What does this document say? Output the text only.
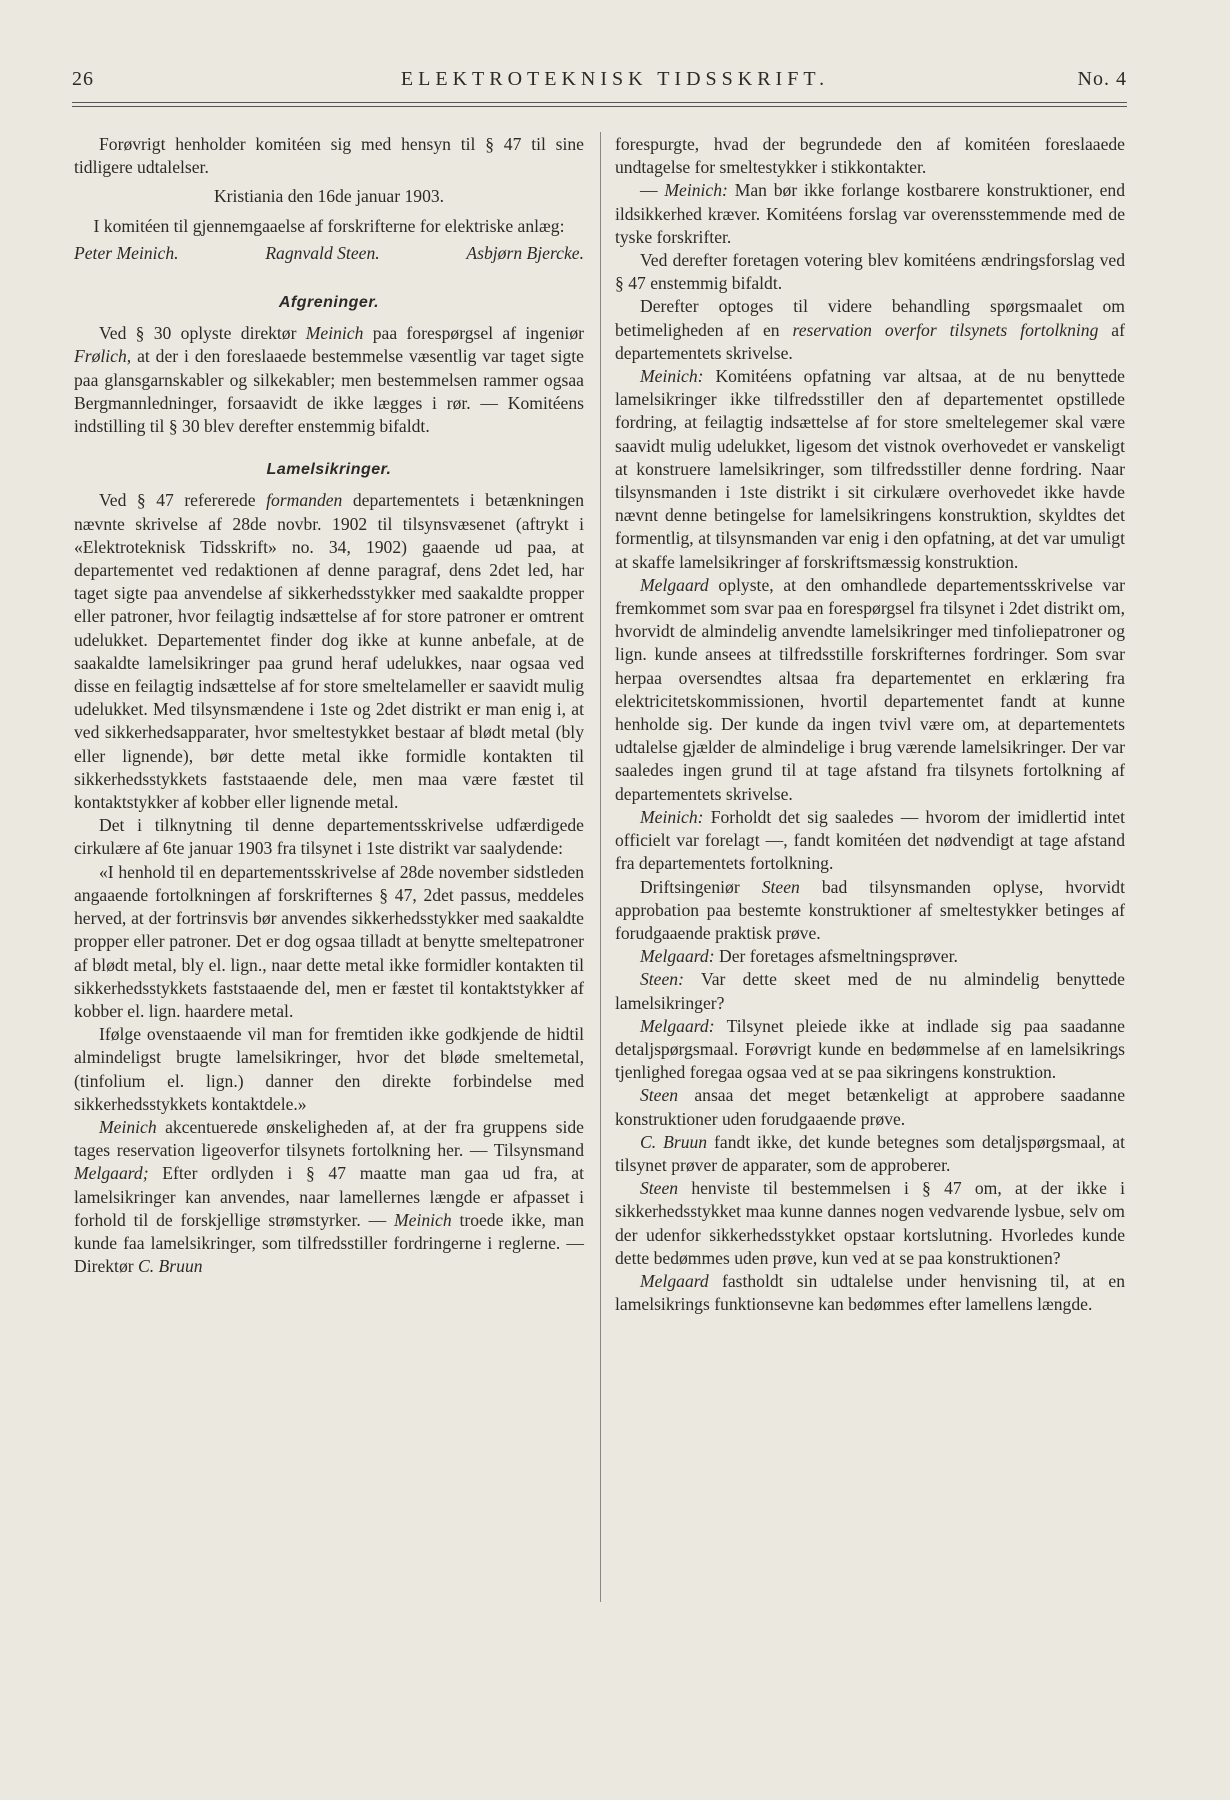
26	ELEKTROTEKNISK TIDSSKRIFT.	No. 4

Forøvrigt henholder komitéen sig med hensyn til § 47 til sine tidligere udtalelser.

Kristiania den 16de januar 1903.

I komitéen til gjennemgaaelse af forskrifterne for elektriske anlæg:

Peter Meinich.	Ragnvald Steen.	Asbjørn Bjercke.
Afgreninger.

Ved § 30 oplyste direktør Meinich paa forespørgsel af ingeniør Frølich, at der i den foreslaaede bestemmelse væsentlig var taget sigte paa glansgarnskabler og silkekabler; men bestemmelsen rammer ogsaa Bergmannledninger, forsaavidt de ikke lægges i rør. — Komitéens indstilling til § 30 blev derefter enstemmig bifaldt.

Lamelsikringer.

Ved § 47 refererede formanden departementets i betænkningen nævnte skrivelse af 28de novbr. 1902 til tilsynsvæsenet (aftrykt i «Elektroteknisk Tidsskrift» no. 34, 1902) gaaende ud paa, at departementet ved redaktionen af denne paragraf, dens 2det led, har taget sigte paa anvendelse af sikkerhedsstykker med saakaldte propper eller patroner, hvor feilagtig indsættelse af for store patroner er omtrent udelukket. Departementet finder dog ikke at kunne anbefale, at de saakaldte lamelsikringer paa grund heraf udelukkes, naar ogsaa ved disse en feilagtig indsættelse af for store smeltelameller er saavidt mulig udelukket. Med tilsynsmændene i 1ste og 2det distrikt er man enig i, at ved sikkerhedsapparater, hvor smeltestykket bestaar af blødt metal (bly eller lignende), bør dette metal ikke formidle kontakten til sikkerhedsstykkets faststaaende dele, men maa være fæstet til kontaktstykker af kobber eller lignende metal.

Det i tilknytning til denne departementsskrivelse udfærdigede cirkulære af 6te januar 1903 fra tilsynet i 1ste distrikt var saalydende:

«I henhold til en departementsskrivelse af 28de november sidstleden angaaende fortolkningen af forskrifternes § 47, 2det passus, meddeles herved, at der fortrinsvis bør anvendes sikkerhedsstykker med saakaldte propper eller patroner. Det er dog ogsaa tilladt at benytte smeltepatroner af blødt metal, bly el. lign., naar dette metal ikke formidler kontakten til sikkerhedsstykkets faststaaende del, men er fæstet til kontaktstykker af kobber el. lign. haardere metal.

Ifølge ovenstaaende vil man for fremtiden ikke godkjende de hidtil almindeligst brugte lamelsikringer, hvor det bløde smeltemetal, (tinfolium el. lign.) danner den direkte forbindelse med sikkerhedsstykkets kontaktdele.»

Meinich akcentuerede ønskeligheden af, at der fra gruppens side tages reservation ligeoverfor tilsynets fortolkning her. — Tilsynsmand Melgaard; Efter ordlyden i § 47 maatte man gaa ud fra, at lamelsikringer kan anvendes, naar lamellernes længde er afpasset i forhold til de forskjellige strømstyrker. — Meinich troede ikke, man kunde faa lamelsikringer, som tilfredsstiller fordringerne i reglerne. — Direktør C. Bruun

forespurgte, hvad der begrundede den af komitéen foreslaaede undtagelse for smeltestykker i stikkontakter.

— Meinich: Man bør ikke forlange kostbarere konstruktioner, end ildsikkerhed kræver. Komitéens forslag var overensstemmende med de tyske forskrifter.

Ved derefter foretagen votering blev komitéens ændringsforslag ved § 47 enstemmig bifaldt.

Derefter optoges til videre behandling spørgsmaalet om betimeligheden af en reservation overfor tilsynets fortolkning af departementets skrivelse.

Meinich: Komitéens opfatning var altsaa, at de nu benyttede lamelsikringer ikke tilfredsstiller den af departementet opstillede fordring, at feilagtig indsættelse af for store smeltelegemer skal være saavidt mulig udelukket, ligesom det vistnok overhovedet er vanskeligt at konstruere lamelsikringer, som tilfredsstiller denne fordring. Naar tilsynsmanden i 1ste distrikt i sit cirkulære overhovedet ikke havde nævnt denne betingelse for lamelsikringens konstruktion, skyldtes det formentlig, at tilsynsmanden var enig i den opfatning, at det var umuligt at skaffe lamelsikringer af forskriftsmæssig konstruktion.

Melgaard oplyste, at den omhandlede departementsskrivelse var fremkommet som svar paa en forespørgsel fra tilsynet i 2det distrikt om, hvorvidt de almindelig anvendte lamelsikringer med tinfoliepatroner og lign. kunde ansees at tilfredsstille forskrifternes fordringer. Som svar herpaa oversendtes altsaa fra departementet en erklæring fra elektricitetskommissionen, hvortil departementet fandt at kunne henholde sig. Der kunde da ingen tvivl være om, at departementets udtalelse gjælder de almindelige i brug værende lamelsikringer. Der var saaledes ingen grund til at tage afstand fra tilsynets fortolkning af departementets skrivelse.

Meinich: Forholdt det sig saaledes — hvorom der imidlertid intet officielt var forelagt —, fandt komitéen det nødvendigt at tage afstand fra departementets fortolkning.

Driftsingeniør Steen bad tilsynsmanden oplyse, hvorvidt approbation paa bestemte konstruktioner af smeltestykker betinges af forudgaaende praktisk prøve.

Melgaard: Der foretages afsmeltningsprøver.

Steen: Var dette skeet med de nu almindelig benyttede lamelsikringer?

Melgaard: Tilsynet pleiede ikke at indlade sig paa saadanne detaljspørgsmaal. Forøvrigt kunde en bedømmelse af en lamelsikrings tjenlighed foregaa ogsaa ved at se paa sikringens konstruktion.

Steen ansaa det meget betænkeligt at approbere saadanne konstruktioner uden forudgaaende prøve.

C. Bruun fandt ikke, det kunde betegnes som detaljspørgsmaal, at tilsynet prøver de apparater, som de approberer.

Steen henviste til bestemmelsen i § 47 om, at der ikke i sikkerhedsstykket maa kunne dannes nogen vedvarende lysbue, selv om der udenfor sikkerhedsstykket opstaar kortslutning. Hvorledes kunde dette bedømmes uden prøve, kun ved at se paa konstruktionen?

Melgaard fastholdt sin udtalelse under henvisning til, at en lamelsikrings funktionsevne kan bedømmes efter lamellens længde.
